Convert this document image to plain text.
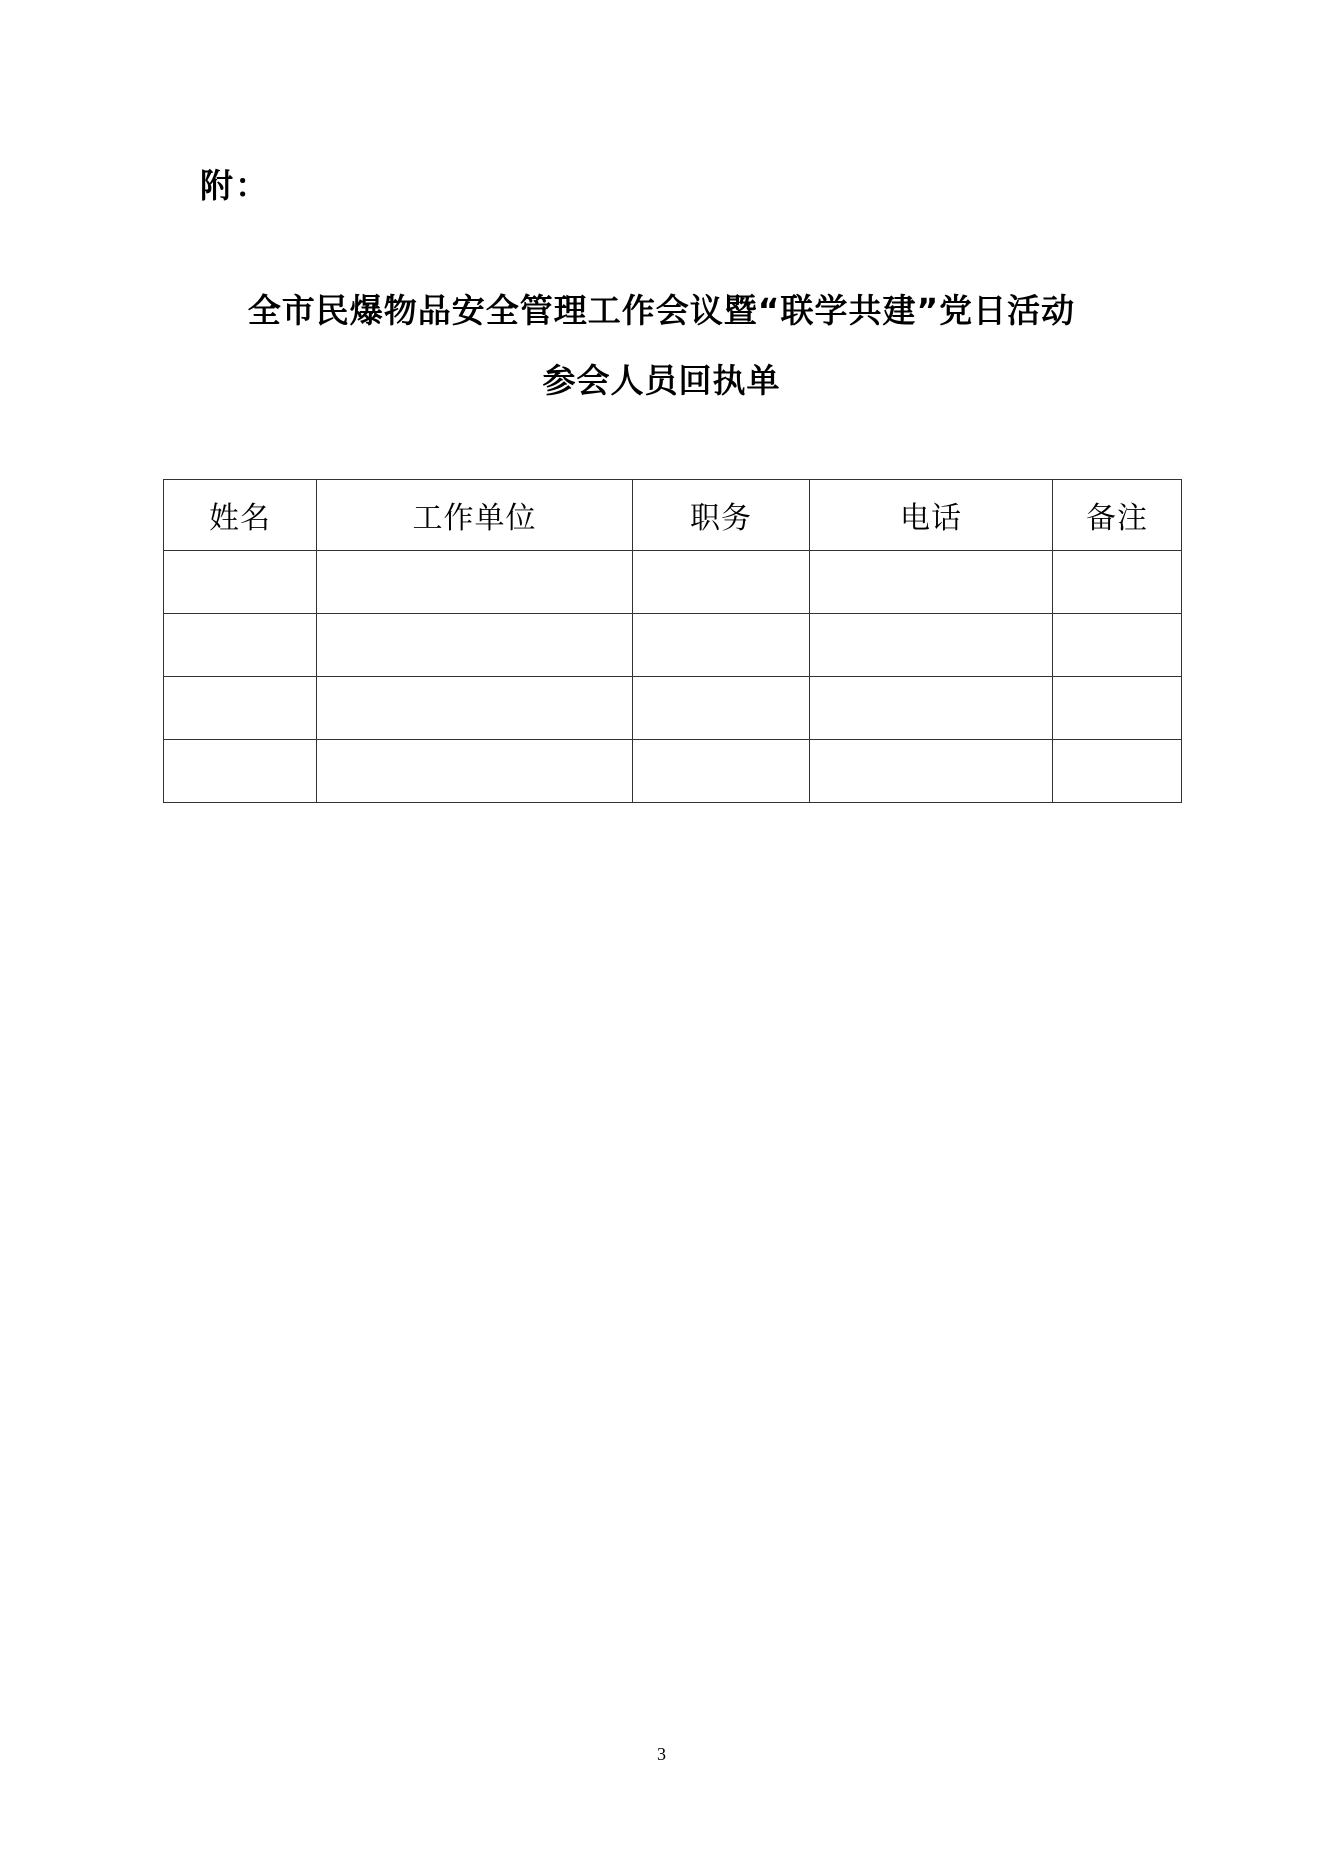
附：
全市民爆物品安全管理工作会议暨“联学共建”党日活动
参会人员回执单
姓名	工作单位	职务	电话	备注

3
